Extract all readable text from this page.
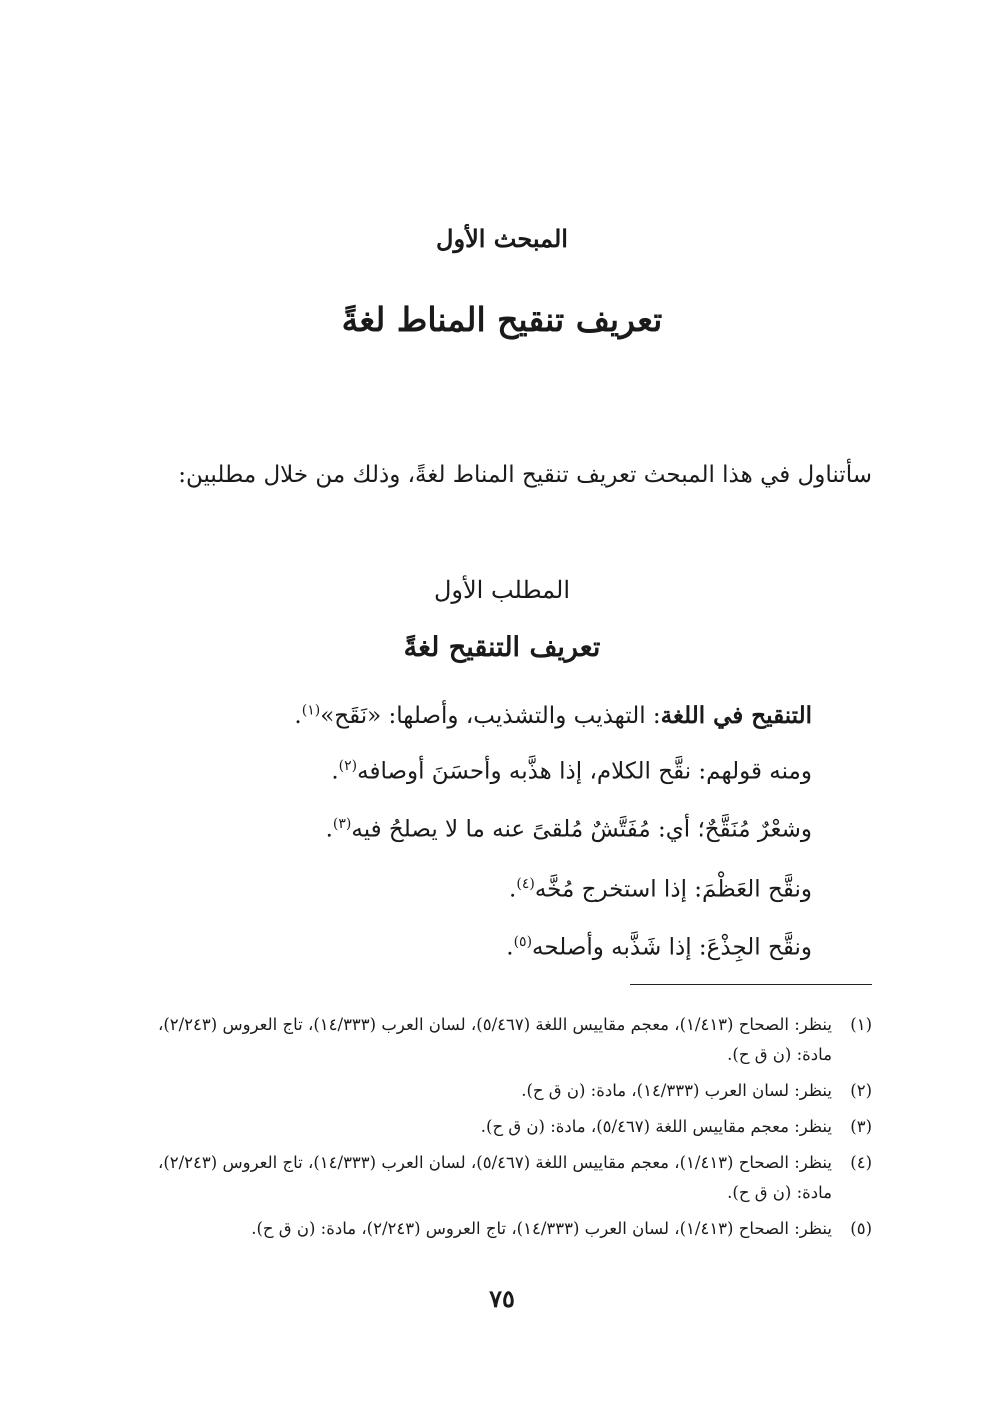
المبحث الأول
تعريف تنقيح المناط لغةً

سأتناول في هذا المبحث تعريف تنقيح المناط لغةً، وذلك من خلال مطلبين:

المطلب الأول
تعريف التنقيح لغةً
التنقيح في اللغة: التهذيب والتشذيب، وأصلها: «نَقَح»$^{(١)}$.
ومنه قولهم: نقَّح الكلام، إذا هذَّبه وأحسَنَ أوصافه$^{(٢)}$.
وشعْرٌ مُنَقَّحٌ؛ أي: مُفَتَّشٌ مُلقىً عنه ما لا يصلحُ فيه$^{(٣)}$.
ونقَّح العَظْمَ: إذا استخرج مُخَّه$^{(٤)}$.
ونقَّح الجِذْعَ: إذا شَذَّبه وأصلحه$^{(٥)}$.
(١)
ينظر: الصحاح (١/٤١٣)، معجم مقاييس اللغة (٥/٤٦٧)، لسان العرب (١٤/٣٣٣)، تاج العروس (٢/٢٤٣)، مادة: (ن ق ح).
(٢)
ينظر: لسان العرب (١٤/٣٣٣)، مادة: (ن ق ح).
(٣)
ينظر: معجم مقاييس اللغة (٥/٤٦٧)، مادة: (ن ق ح).
(٤)
ينظر: الصحاح (١/٤١٣)، معجم مقاييس اللغة (٥/٤٦٧)، لسان العرب (١٤/٣٣٣)، تاج العروس (٢/٢٤٣)، مادة: (ن ق ح).
(٥)
ينظر: الصحاح (١/٤١٣)، لسان العرب (١٤/٣٣٣)، تاج العروس (٢/٢٤٣)، مادة: (ن ق ح).
٧٥
